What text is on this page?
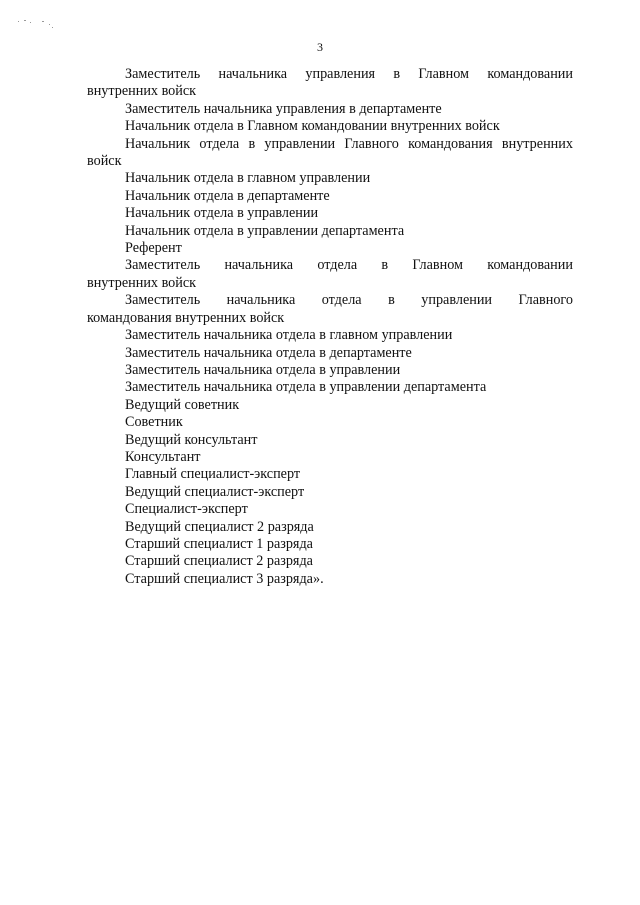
3
Заместитель начальника управления в Главном командовании
внутренних войск
Заместитель начальника управления в департаменте
Начальник отдела в Главном командовании внутренних войск
Начальник отдела в управлении Главного командования внутренних
войск
Начальник отдела в главном управлении
Начальник отдела в департаменте
Начальник отдела в управлении
Начальник отдела в управлении департамента
Референт
Заместитель начальника отдела в Главном командовании
внутренних войск
Заместитель начальника отдела в управлении Главного
командования внутренних войск
Заместитель начальника отдела в главном управлении
Заместитель начальника отдела в департаменте
Заместитель начальника отдела в управлении
Заместитель начальника отдела в управлении департамента
Ведущий советник
Советник
Ведущий консультант
Консультант
Главный специалист-эксперт
Ведущий специалист-эксперт
Специалист-эксперт
Ведущий специалист 2 разряда
Старший специалист 1 разряда
Старший специалист 2 разряда
Старший специалист 3 разряда».
